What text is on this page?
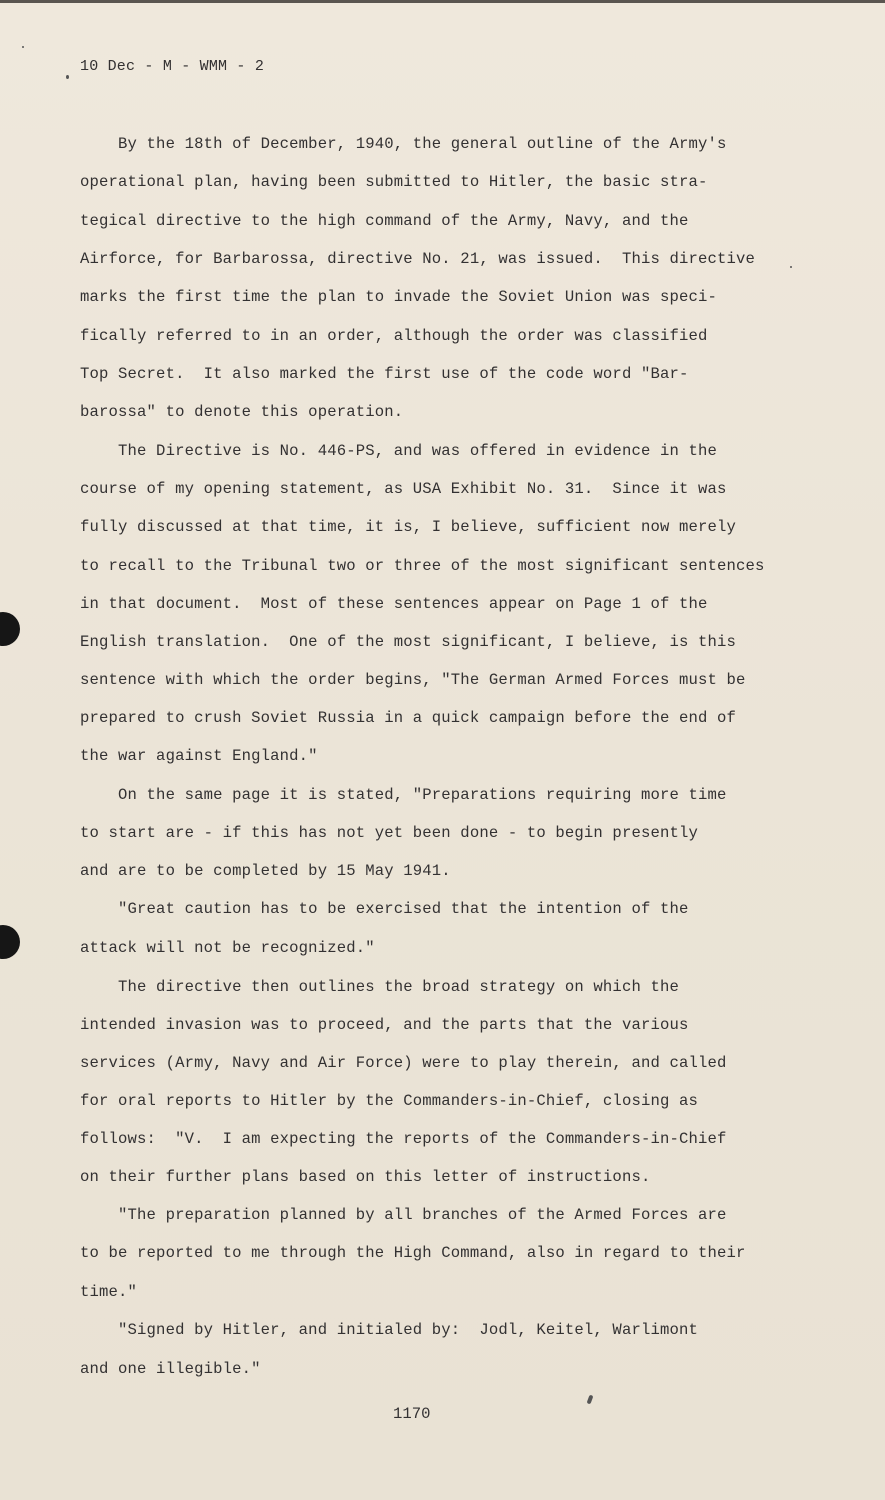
10 Dec - M - WMM - 2
By the 18th of December, 1940, the general outline of the Army's
operational plan, having been submitted to Hitler, the basic stra-
tegical directive to the high command of the Army, Navy, and the
Airforce, for Barbarossa, directive No. 21, was issued.  This directive
marks the first time the plan to invade the Soviet Union was speci-
fically referred to in an order, although the order was classified
Top Secret.  It also marked the first use of the code word "Bar-
barossa" to denote this operation.
The Directive is No. 446-PS, and was offered in evidence in the
course of my opening statement, as USA Exhibit No. 31.  Since it was
fully discussed at that time, it is, I believe, sufficient now merely
to recall to the Tribunal two or three of the most significant sentences
in that document.  Most of these sentences appear on Page 1 of the
English translation.  One of the most significant, I believe, is this
sentence with which the order begins, "The German Armed Forces must be
prepared to crush Soviet Russia in a quick campaign before the end of
the war against England."
On the same page it is stated, "Preparations requiring more time
to start are - if this has not yet been done - to begin presently
and are to be completed by 15 May 1941.
"Great caution has to be exercised that the intention of the
attack will not be recognized."
The directive then outlines the broad strategy on which the
intended invasion was to proceed, and the parts that the various
services (Army, Navy and Air Force) were to play therein, and called
for oral reports to Hitler by the Commanders-in-Chief, closing as
follows:  "V.  I am expecting the reports of the Commanders-in-Chief
on their further plans based on this letter of instructions.
"The preparation planned by all branches of the Armed Forces are
to be reported to me through the High Command, also in regard to their
time."
"Signed by Hitler, and initialed by:  Jodl, Keitel, Warlimont
and one illegible."
1170
